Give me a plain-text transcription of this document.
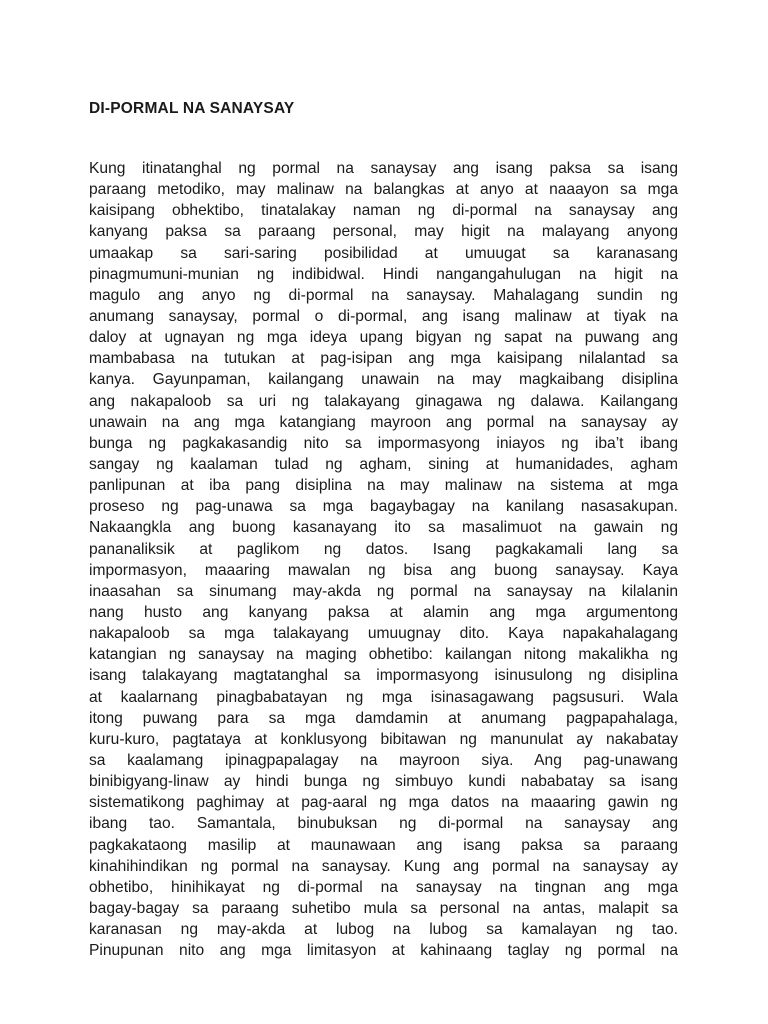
DI-PORMAL NA SANAYSAY
Kung itinatanghal ng pormal na sanaysay ang isang paksa sa isang
paraang metodiko, may malinaw na balangkas at anyo at naaayon sa mga
kaisipang obhektibo, tinatalakay naman ng di-pormal na sanaysay ang
kanyang paksa sa paraang personal, may higit na malayang anyong
umaakap sa sari-saring posibilidad at umuugat sa karanasang
pinagmumuni-munian ng indibidwal. Hindi nangangahulugan na higit na
magulo ang anyo ng di-pormal na sanaysay. Mahalagang sundin ng
anumang sanaysay, pormal o di-pormal, ang isang malinaw at tiyak na
daloy at ugnayan ng mga ideya upang bigyan ng sapat na puwang ang
mambabasa na tutukan at pag-isipan ang mga kaisipang nilalantad sa
kanya. Gayunpaman, kailangang unawain na may magkaibang disiplina
ang nakapaloob sa uri ng talakayang ginagawa ng dalawa. Kailangang
unawain na ang mga katangiang mayroon ang pormal na sanaysay ay
bunga ng pagkakasandig nito sa impormasyong iniayos ng iba’t ibang
sangay ng kaalaman tulad ng agham, sining at humanidades, agham
panlipunan at iba pang disiplina na may malinaw na sistema at mga
proseso ng pag-unawa sa mga bagaybagay na kanilang nasasakupan.
Nakaangkla ang buong kasanayang ito sa masalimuot na gawain ng
pananaliksik at paglikom ng datos. Isang pagkakamali lang sa
impormasyon, maaaring mawalan ng bisa ang buong sanaysay. Kaya
inaasahan sa sinumang may-akda ng pormal na sanaysay na kilalanin
nang husto ang kanyang paksa at alamin ang mga argumentong
nakapaloob sa mga talakayang umuugnay dito. Kaya napakahalagang
katangian ng sanaysay na maging obhetibo: kailangan nitong makalikha ng
isang talakayang magtatanghal sa impormasyong isinusulong ng disiplina
at kaalarnang pinagbabatayan ng mga isinasagawang pagsusuri. Wala
itong puwang para sa mga damdamin at anumang pagpapahalaga,
kuru-kuro, pagtataya at konklusyong bibitawan ng manunulat ay nakabatay
sa kaalamang ipinagpapalagay na mayroon siya. Ang pag-unawang
binibigyang-linaw ay hindi bunga ng simbuyo kundi nababatay sa isang
sistematikong paghimay at pag-aaral ng mga datos na maaaring gawin ng
ibang tao. Samantala, binubuksan ng di-pormal na sanaysay ang
pagkakataong masilip at maunawaan ang isang paksa sa paraang
kinahihindikan ng pormal na sanaysay. Kung ang pormal na sanaysay ay
obhetibo, hinihikayat ng di-pormal na sanaysay na tingnan ang mga
bagay-bagay sa paraang suhetibo mula sa personal na antas, malapit sa
karanasan ng may-akda at lubog na lubog sa kamalayan ng tao.
Pinupunan nito ang mga limitasyon at kahinaang taglay ng pormal na
